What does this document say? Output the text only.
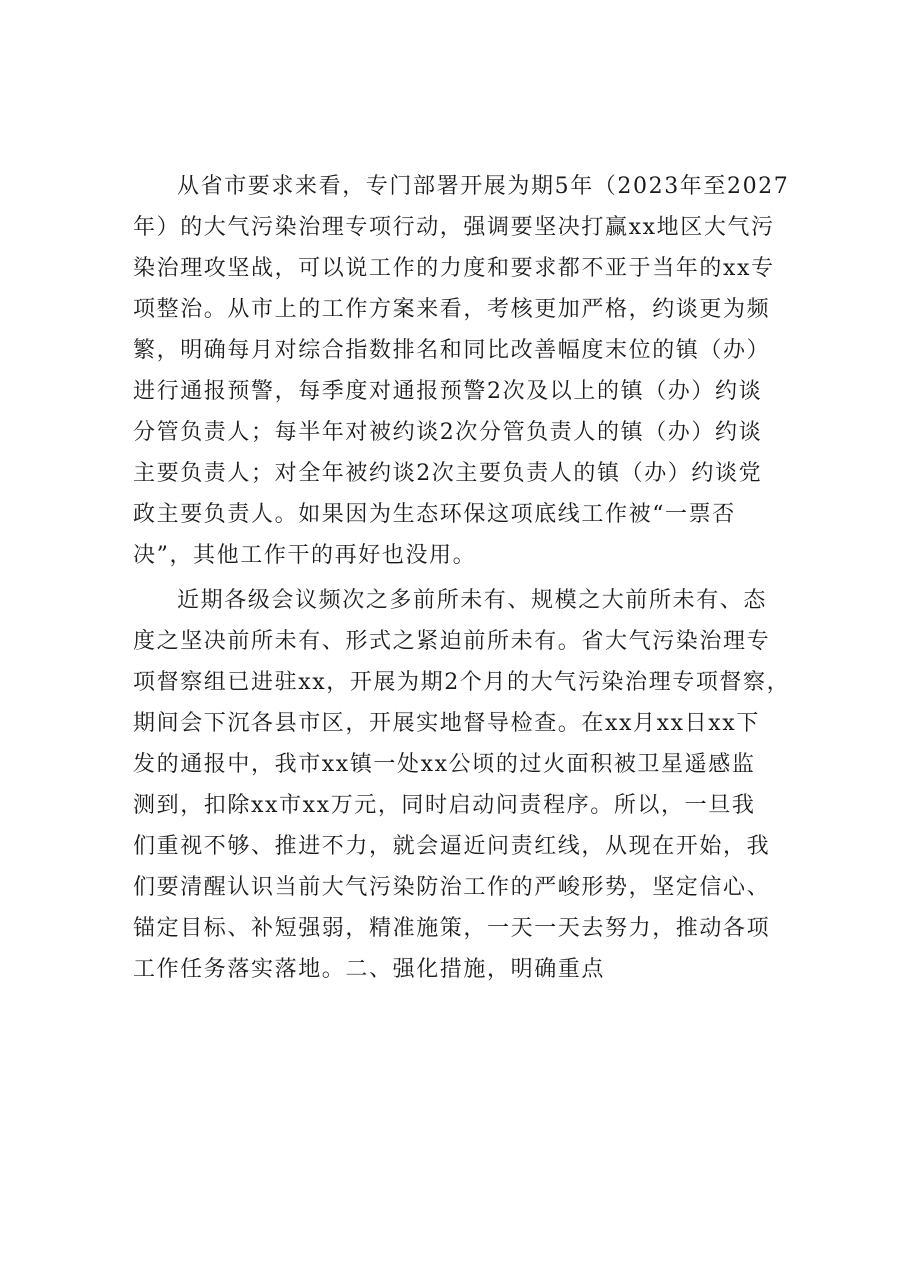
从省市要求来看，专门部署开展为期5年（2023年至2027
年）的大气污染治理专项行动，强调要坚决打赢xx地区大气污
染治理攻坚战，可以说工作的力度和要求都不亚于当年的xx专
项整治。从市上的工作方案来看，考核更加严格，约谈更为频
繁，明确每月对综合指数排名和同比改善幅度末位的镇（办）
进行通报预警，每季度对通报预警2次及以上的镇（办）约谈
分管负责人；每半年对被约谈2次分管负责人的镇（办）约谈
主要负责人；对全年被约谈2次主要负责人的镇（办）约谈党
政主要负责人。如果因为生态环保这项底线工作被“一票否
决”，其他工作干的再好也没用。
近期各级会议频次之多前所未有、规模之大前所未有、态
度之坚决前所未有、形式之紧迫前所未有。省大气污染治理专
项督察组已进驻xx，开展为期2个月的大气污染治理专项督察，
期间会下沉各县市区，开展实地督导检查。在xx月xx日xx下
发的通报中，我市xx镇一处xx公顷的过火面积被卫星遥感监
测到，扣除xx市xx万元，同时启动问责程序。所以，一旦我
们重视不够、推进不力，就会逼近问责红线，从现在开始，我
们要清醒认识当前大气污染防治工作的严峻形势，坚定信心、
锚定目标、补短强弱，精准施策，一天一天去努力，推动各项
工作任务落实落地。二、强化措施，明确重点
